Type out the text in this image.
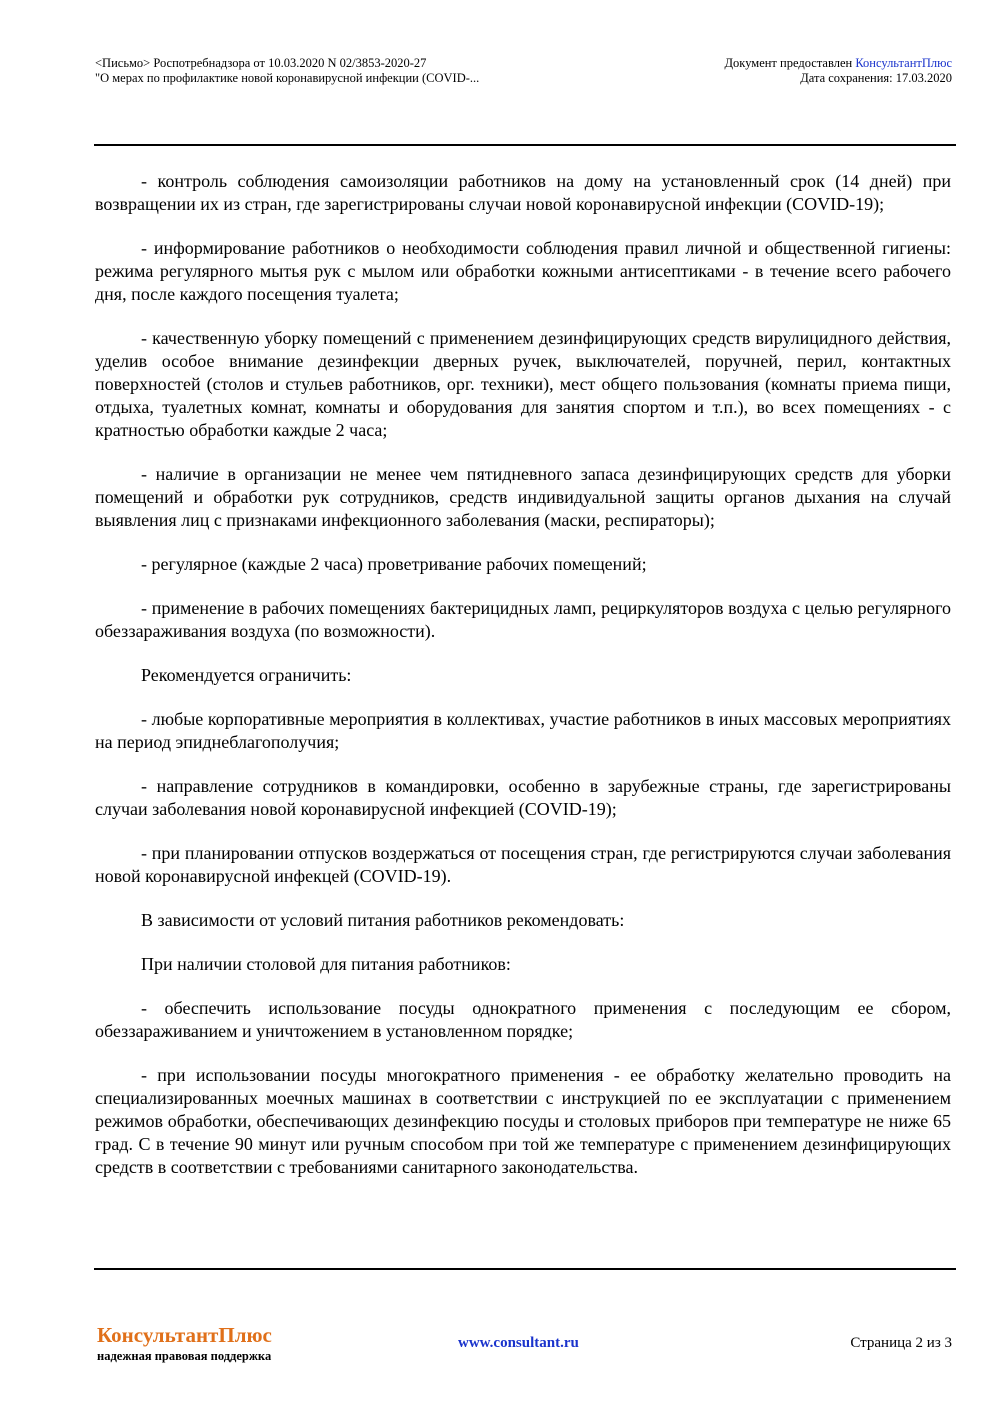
<Письмо> Роспотребнадзора от 10.03.2020 N 02/3853-2020-27
"О мерах по профилактике новой коронавирусной инфекции (COVID-...
Документ предоставлен КонсультантПлюс
Дата сохранения: 17.03.2020

- контроль соблюдения самоизоляции работников на дому на установленный срок (14 дней) при возвращении их из стран, где зарегистрированы случаи новой коронавирусной инфекции (COVID-19);

- информирование работников о необходимости соблюдения правил личной и общественной гигиены: режима регулярного мытья рук с мылом или обработки кожными антисептиками - в течение всего рабочего дня, после каждого посещения туалета;

- качественную уборку помещений с применением дезинфицирующих средств вирулицидного действия, уделив особое внимание дезинфекции дверных ручек, выключателей, поручней, перил, контактных поверхностей (столов и стульев работников, орг. техники), мест общего пользования (комнаты приема пищи, отдыха, туалетных комнат, комнаты и оборудования для занятия спортом и т.п.), во всех помещениях - с кратностью обработки каждые 2 часа;

- наличие в организации не менее чем пятидневного запаса дезинфицирующих средств для уборки помещений и обработки рук сотрудников, средств индивидуальной защиты органов дыхания на случай выявления лиц с признаками инфекционного заболевания (маски, респираторы);

- регулярное (каждые 2 часа) проветривание рабочих помещений;

- применение в рабочих помещениях бактерицидных ламп, рециркуляторов воздуха с целью регулярного обеззараживания воздуха (по возможности).

Рекомендуется ограничить:

- любые корпоративные мероприятия в коллективах, участие работников в иных массовых мероприятиях на период эпиднеблагополучия;

- направление сотрудников в командировки, особенно в зарубежные страны, где зарегистрированы случаи заболевания новой коронавирусной инфекцией (COVID-19);

- при планировании отпусков воздержаться от посещения стран, где регистрируются случаи заболевания новой коронавирусной инфекцей (COVID-19).

В зависимости от условий питания работников рекомендовать:

При наличии столовой для питания работников:

- обеспечить использование посуды однократного применения с последующим ее сбором, обеззараживанием и уничтожением в установленном порядке;

- при использовании посуды многократного применения - ее обработку желательно проводить на специализированных моечных машинах в соответствии с инструкцией по ее эксплуатации с применением режимов обработки, обеспечивающих дезинфекцию посуды и столовых приборов при температуре не ниже 65 град. С в течение 90 минут или ручным способом при той же температуре с применением дезинфицирующих средств в соответствии с требованиями санитарного законодательства.

КонсультантПлюс
надежная правовая поддержка
www.consultant.ru	Страница 2 из 3
